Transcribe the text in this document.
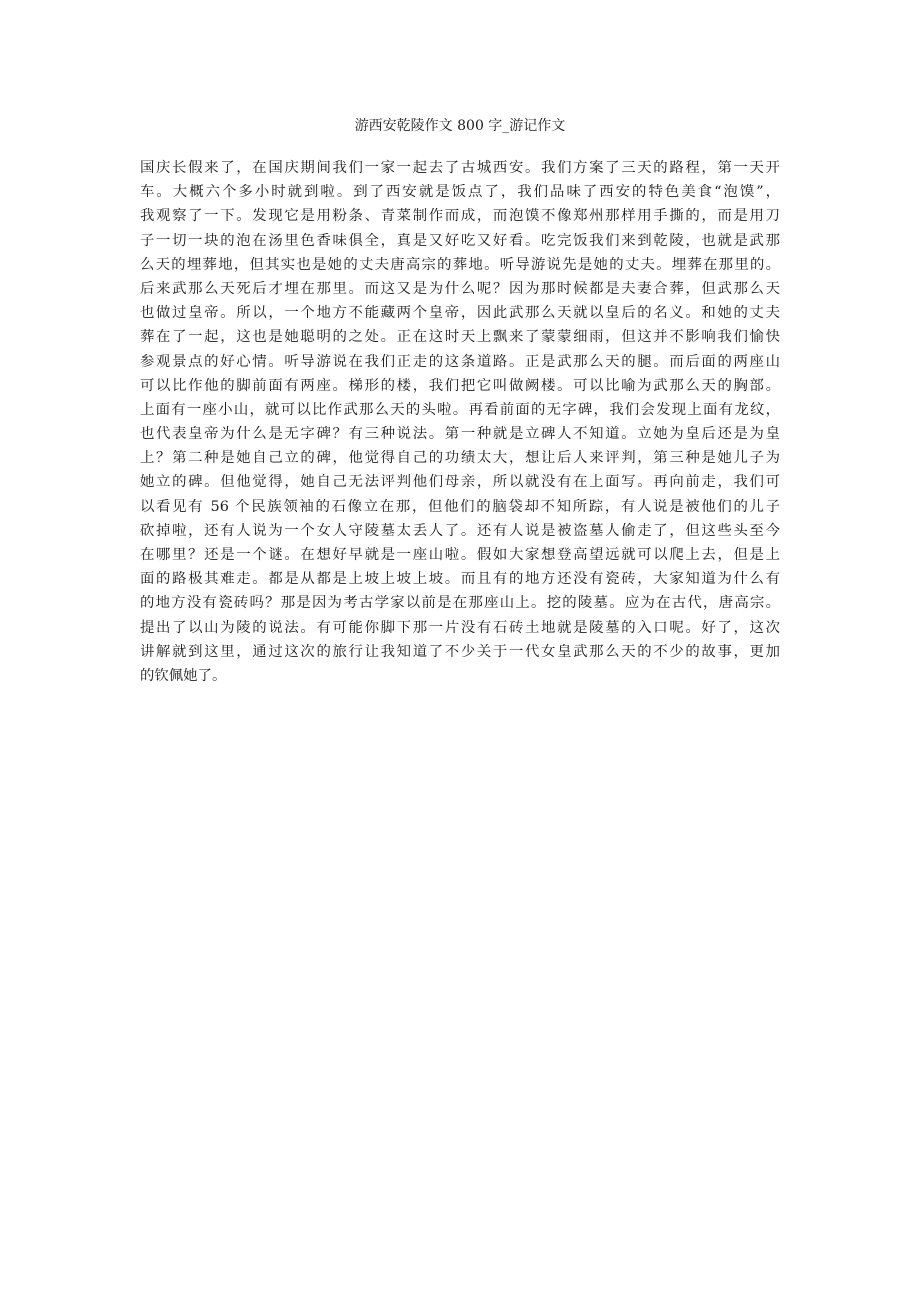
游西安乾陵作文 800 字_游记作文
国庆长假来了，在国庆期间我们一家一起去了古城西安。我们方案了三天的路程，第一天开
车。大概六个多小时就到啦。到了西安就是饭点了，我们品味了西安的特色美食“泡馍”，
我观察了一下。发现它是用粉条、青菜制作而成，而泡馍不像郑州那样用手撕的，而是用刀
子一切一块的泡在汤里色香味俱全，真是又好吃又好看。吃完饭我们来到乾陵，也就是武那
么天的埋葬地，但其实也是她的丈夫唐高宗的葬地。听导游说先是她的丈夫。埋葬在那里的。
后来武那么天死后才埋在那里。而这又是为什么呢？因为那时候都是夫妻合葬，但武那么天
也做过皇帝。所以，一个地方不能藏两个皇帝，因此武那么天就以皇后的名义。和她的丈夫
葬在了一起，这也是她聪明的之处。正在这时天上飘来了蒙蒙细雨，但这并不影响我们愉快
参观景点的好心情。听导游说在我们正走的这条道路。正是武那么天的腿。而后面的两座山
可以比作他的脚前面有两座。梯形的楼，我们把它叫做阙楼。可以比喻为武那么天的胸部。
上面有一座小山，就可以比作武那么天的头啦。再看前面的无字碑，我们会发现上面有龙纹，
也代表皇帝为什么是无字碑？有三种说法。第一种就是立碑人不知道。立她为皇后还是为皇
上？第二种是她自己立的碑，他觉得自己的功绩太大，想让后人来评判，第三种是她儿子为
她立的碑。但他觉得，她自己无法评判他们母亲，所以就没有在上面写。再向前走，我们可
以看见有 56 个民族领袖的石像立在那，但他们的脑袋却不知所踪，有人说是被他们的儿子
砍掉啦，还有人说为一个女人守陵墓太丢人了。还有人说是被盗墓人偷走了，但这些头至今
在哪里？还是一个谜。在想好早就是一座山啦。假如大家想登高望远就可以爬上去，但是上
面的路极其难走。都是从都是上坡上坡上坡。而且有的地方还没有瓷砖，大家知道为什么有
的地方没有瓷砖吗？那是因为考古学家以前是在那座山上。挖的陵墓。应为在古代，唐高宗。
提出了以山为陵的说法。有可能你脚下那一片没有石砖土地就是陵墓的入口呢。好了，这次
讲解就到这里，通过这次的旅行让我知道了不少关于一代女皇武那么天的不少的故事，更加
的钦佩她了。
